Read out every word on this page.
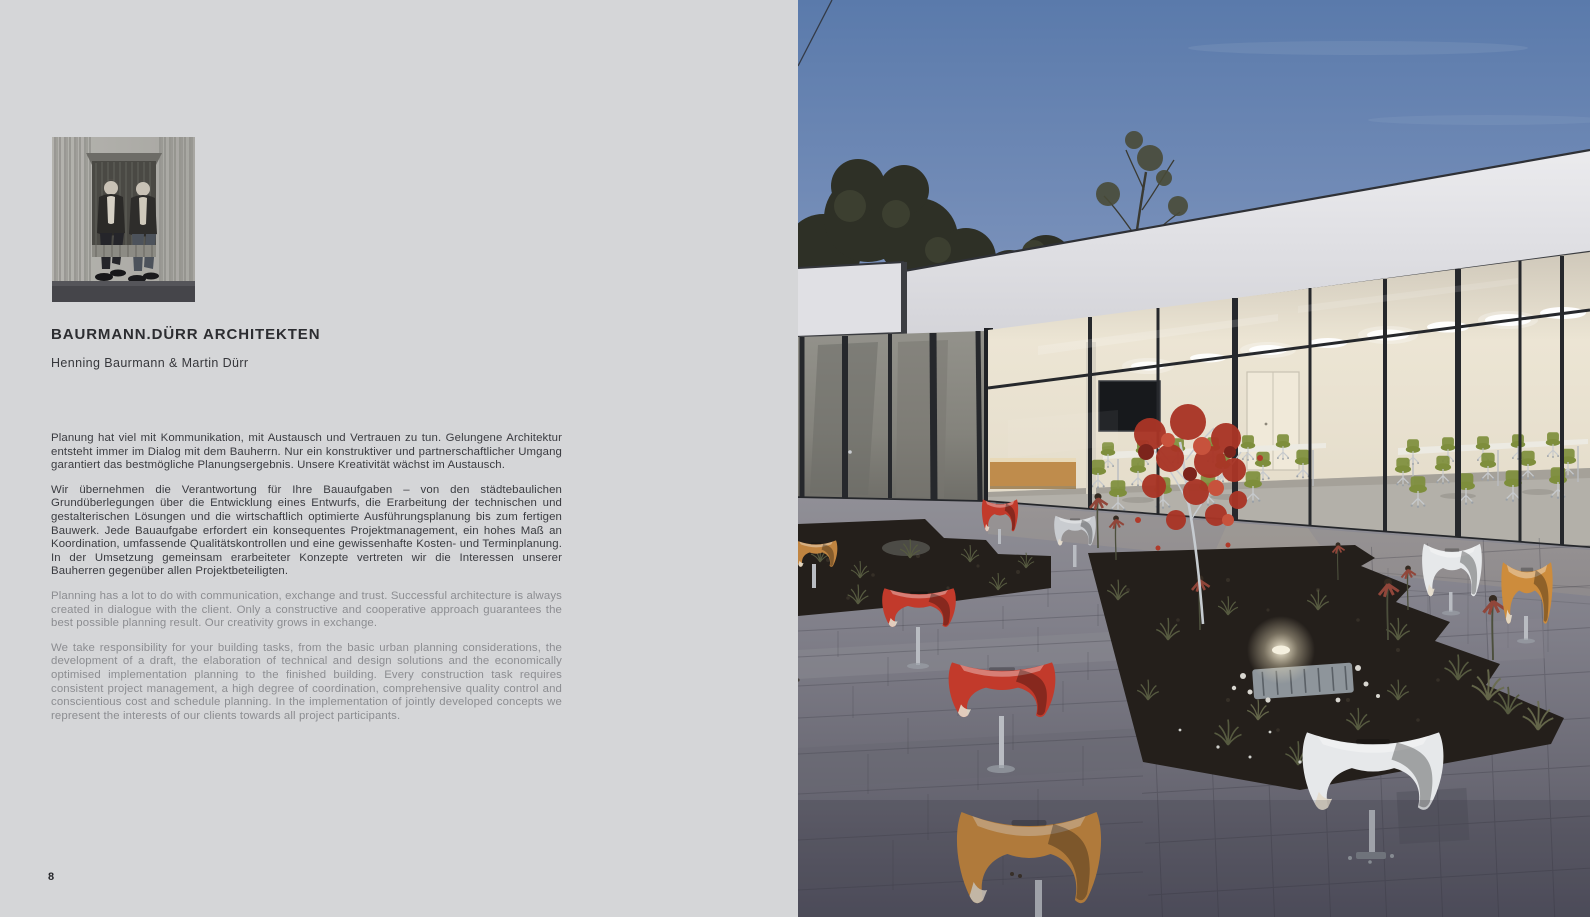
BAURMANN.DÜRR ARCHITEKTEN
Henning Baurmann & Martin Dürr

Planung hat viel mit Kommunikation, mit Austausch und Vertrauen zu tun. Gelungene Architektur entsteht immer im Dialog mit dem Bauherrn. Nur ein konstruktiver und partnerschaftlicher Umgang garantiert das bestmögliche Planungsergebnis. Unsere Kreativität wächst im Austausch.

Wir übernehmen die Verantwortung für Ihre Bauaufgaben – von den städtebaulichen Grundüberlegungen über die Entwicklung eines Entwurfs, die Erarbeitung der technischen und gestalterischen Lösungen und die wirtschaftlich optimierte Ausführungsplanung bis zum fertigen Bauwerk. Jede Bauaufgabe erfordert ein konsequentes Projektmanagement, ein hohes Maß an Koordination, umfassende Qualitätskontrollen und eine gewissenhafte Kosten- und Terminplanung. In der Umsetzung gemeinsam erarbeiteter Konzepte vertreten wir die Interessen unserer Bauherren gegenüber allen Projektbeteiligten.

Planning has a lot to do with communication, exchange and trust. Successful architecture is always created in dialogue with the client. Only a constructive and cooperative approach guarantees the best possible planning result. Our creativity grows in exchange.

We take responsibility for your building tasks, from the basic urban planning considerations, the development of a draft, the elaboration of technical and design solutions and the economically optimised implementation planning to the finished building. Every construction task requires consistent project management, a high degree of coordination, comprehensive quality control and conscientious cost and schedule planning. In the implementation of jointly developed concepts we represent the interests of our clients towards all project participants.

8
